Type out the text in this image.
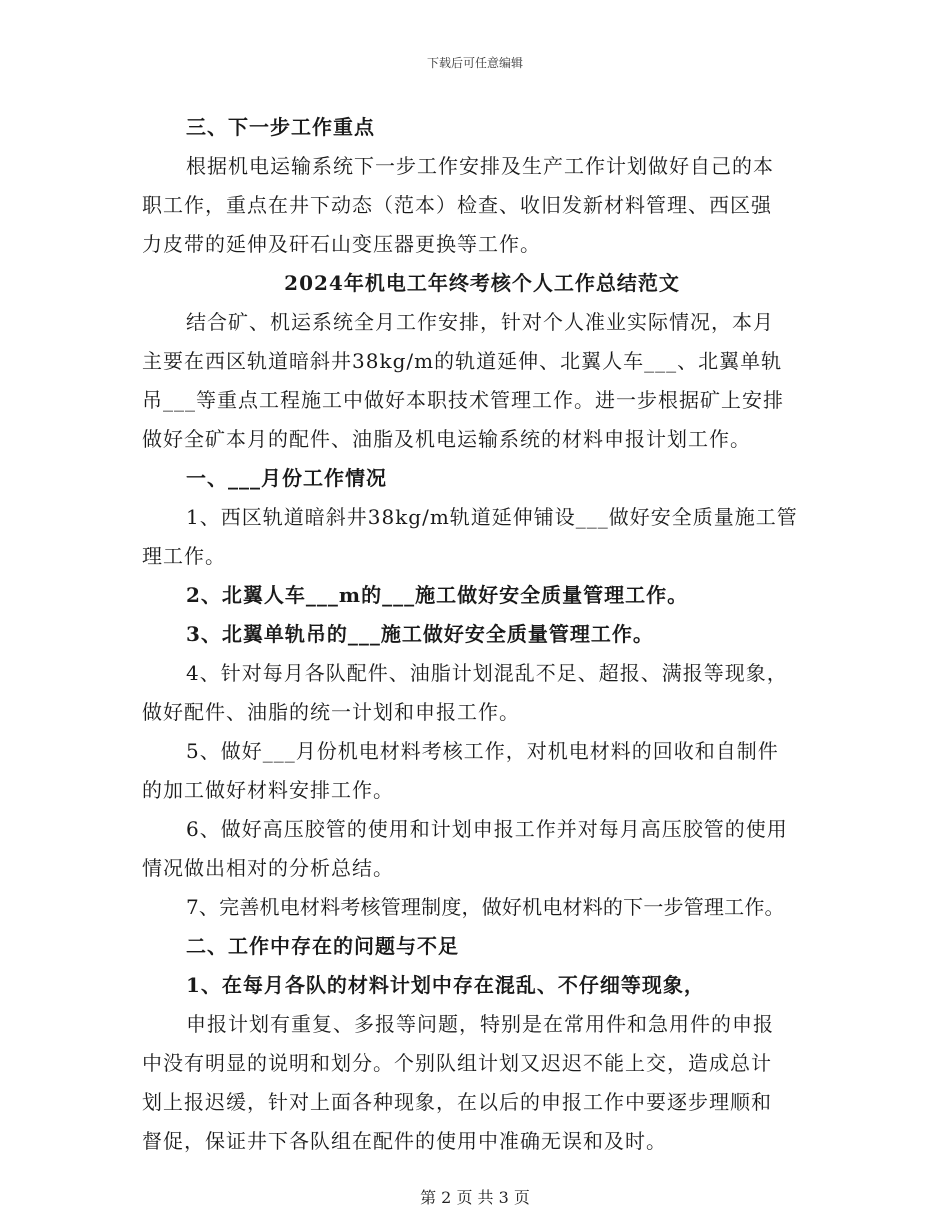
下载后可任意编辑
三、下一步工作重点
根据机电运输系统下一步工作安排及生产工作计划做好自己的本
职工作，重点在井下动态（范本）检查、收旧发新材料管理、西区强
力皮带的延伸及矸石山变压器更换等工作。
2024年机电工年终考核个人工作总结范文
结合矿、机运系统全月工作安排，针对个人准业实际情况，本月
主要在西区轨道暗斜井38kg/m的轨道延伸、北翼人车___、北翼单轨
吊___等重点工程施工中做好本职技术管理工作。进一步根据矿上安排
做好全矿本月的配件、油脂及机电运输系统的材料申报计划工作。
一、___月份工作情况
1、西区轨道暗斜井38kg/m轨道延伸铺设___做好安全质量施工管
理工作。
2、北翼人车___m的___施工做好安全质量管理工作。
3、北翼单轨吊的___施工做好安全质量管理工作。
4、针对每月各队配件、油脂计划混乱不足、超报、满报等现象，
做好配件、油脂的统一计划和申报工作。
5、做好___月份机电材料考核工作，对机电材料的回收和自制件
的加工做好材料安排工作。
6、做好高压胶管的使用和计划申报工作并对每月高压胶管的使用
情况做出相对的分析总结。
7、完善机电材料考核管理制度，做好机电材料的下一步管理工作。
二、工作中存在的问题与不足
1、在每月各队的材料计划中存在混乱、不仔细等现象，
申报计划有重复、多报等问题，特别是在常用件和急用件的申报
中没有明显的说明和划分。个别队组计划又迟迟不能上交，造成总计
划上报迟缓，针对上面各种现象，在以后的申报工作中要逐步理顺和
督促，保证井下各队组在配件的使用中准确无误和及时。
第 2 页 共 3 页
